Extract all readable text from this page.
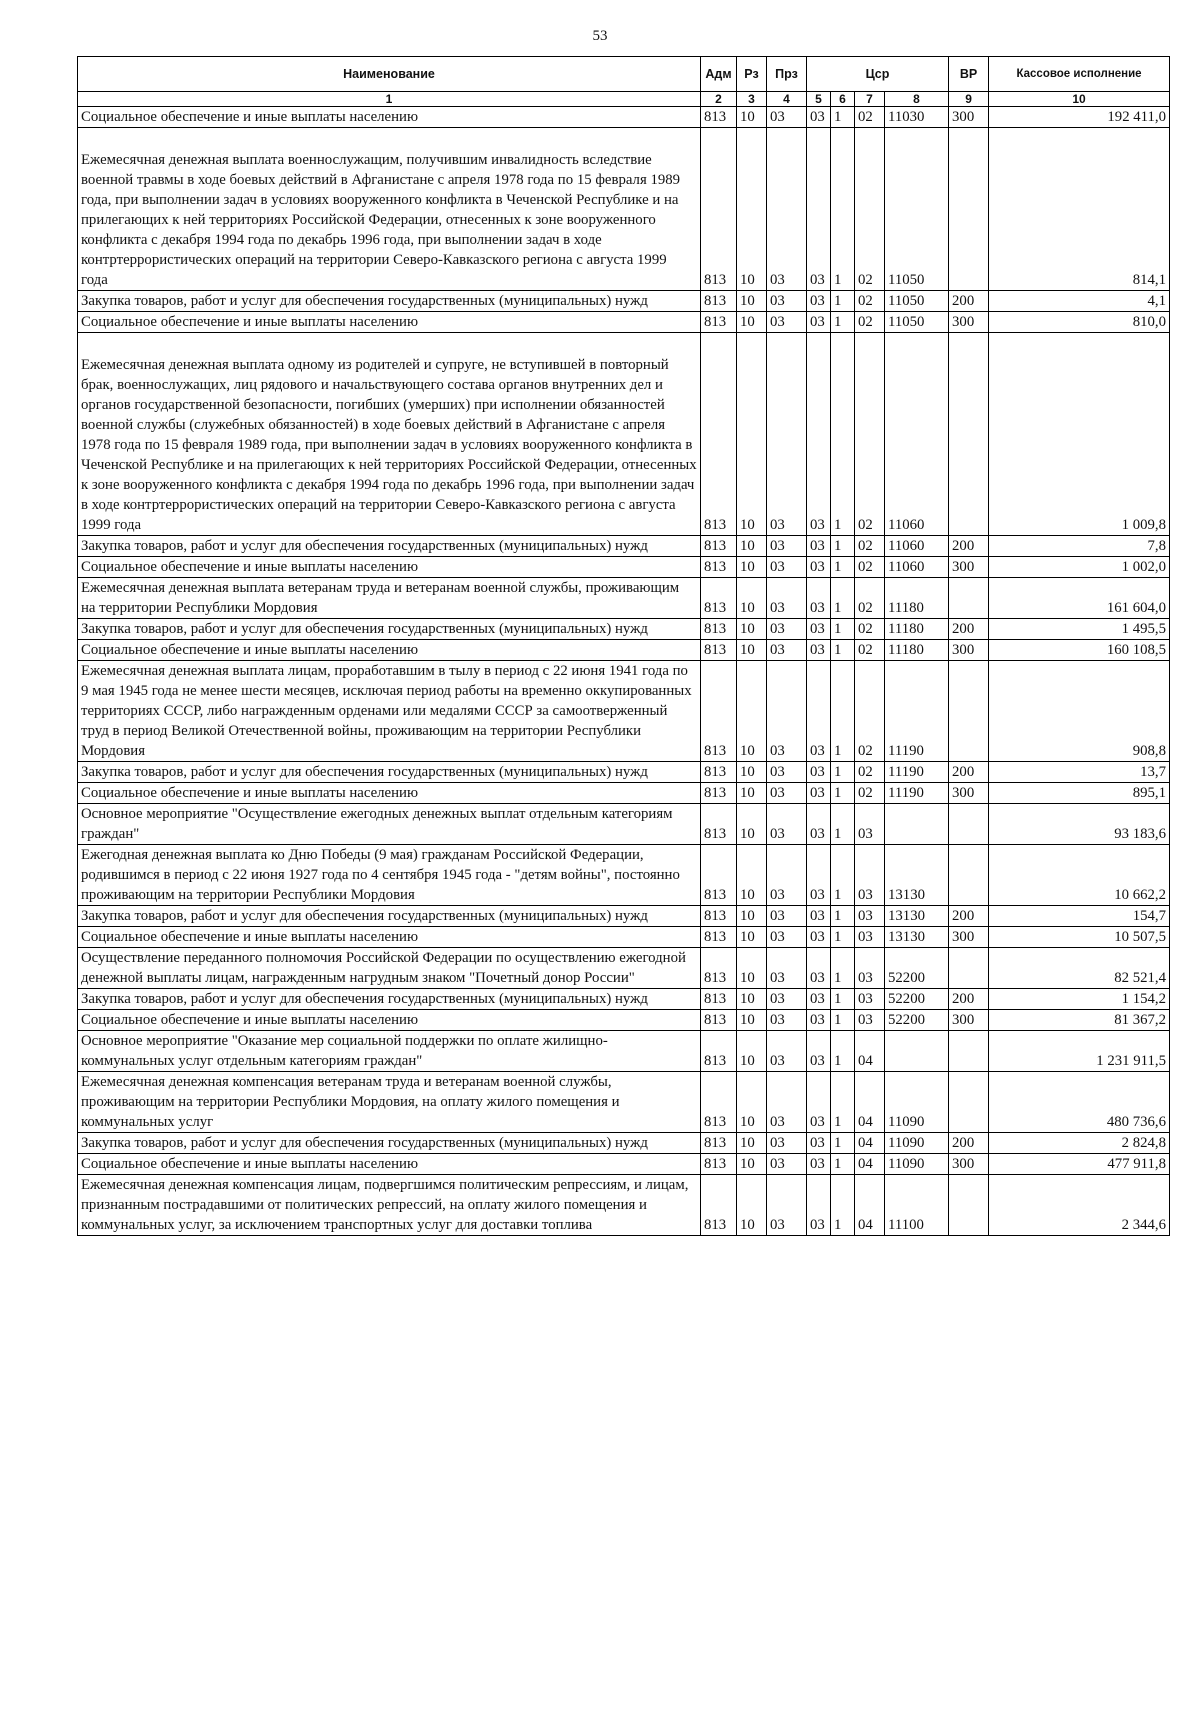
53
Наименование	Адм	Рз	Прз	Цср				ВР	Кассовое исполнение
1	2	3	4	5	6	7	8	9	10
Социальное обеспечение и иные выплаты населению	813	10	03	03	1	02	11030	300	192 411,0
Ежемесячная денежная выплата военнослужащим, получившим инвалидность вследствие военной травмы в ходе боевых действий в Афганистане с апреля 1978 года по 15 февраля 1989 года, при выполнении задач в условиях вооруженного конфликта в Чеченской Республике и на прилегающих к ней территориях Российской Федерации, отнесенных к зоне вооруженного конфликта с декабря 1994 года по декабрь 1996 года, при выполнении задач в ходе контртеррористических операций на территории Северо-Кавказского региона с августа 1999 года	813	10	03	03	1	02	11050		814,1
Закупка товаров, работ и услуг для обеспечения государственных (муниципальных) нужд	813	10	03	03	1	02	11050	200	4,1
Социальное обеспечение и иные выплаты населению	813	10	03	03	1	02	11050	300	810,0
Ежемесячная денежная выплата одному из родителей и супруге, не вступившей в повторный брак, военнослужащих, лиц рядового и начальствующего состава органов внутренних дел и органов государственной безопасности, погибших (умерших) при исполнении обязанностей военной службы (служебных обязанностей) в ходе боевых действий в Афганистане с апреля 1978 года по 15 февраля 1989 года, при выполнении задач в условиях вооруженного конфликта в Чеченской Республике и на прилегающих к ней территориях Российской Федерации, отнесенных к зоне вооруженного конфликта с декабря 1994 года по декабрь 1996 года, при выполнении задач в ходе контртеррористических операций на территории Северо-Кавказского региона с августа 1999 года	813	10	03	03	1	02	11060		1 009,8
Закупка товаров, работ и услуг для обеспечения государственных (муниципальных) нужд	813	10	03	03	1	02	11060	200	7,8
Социальное обеспечение и иные выплаты населению	813	10	03	03	1	02	11060	300	1 002,0
Ежемесячная денежная выплата ветеранам труда и ветеранам военной службы, проживающим на территории Республики Мордовия	813	10	03	03	1	02	11180		161 604,0
Закупка товаров, работ и услуг для обеспечения государственных (муниципальных) нужд	813	10	03	03	1	02	11180	200	1 495,5
Социальное обеспечение и иные выплаты населению	813	10	03	03	1	02	11180	300	160 108,5
Ежемесячная денежная выплата лицам, проработавшим в тылу в период с 22 июня 1941 года по 9 мая 1945 года не менее шести месяцев, исключая период работы на временно оккупированных территориях СССР, либо награжденным орденами или медалями СССР за самоотверженный труд в период Великой Отечественной войны, проживающим на территории Республики Мордовия	813	10	03	03	1	02	11190		908,8
Закупка товаров, работ и услуг для обеспечения государственных (муниципальных) нужд	813	10	03	03	1	02	11190	200	13,7
Социальное обеспечение и иные выплаты населению	813	10	03	03	1	02	11190	300	895,1
Основное мероприятие "Осуществление ежегодных денежных выплат отдельным категориям граждан"	813	10	03	03	1	03			93 183,6
Ежегодная денежная выплата ко Дню Победы (9 мая) гражданам Российской Федерации, родившимся в период с 22 июня 1927 года по 4 сентября 1945 года - "детям войны", постоянно проживающим на территории Республики Мордовия	813	10	03	03	1	03	13130		10 662,2
Закупка товаров, работ и услуг для обеспечения государственных (муниципальных) нужд	813	10	03	03	1	03	13130	200	154,7
Социальное обеспечение и иные выплаты населению	813	10	03	03	1	03	13130	300	10 507,5
Осуществление переданного полномочия Российской Федерации по осуществлению ежегодной денежной выплаты лицам, награжденным нагрудным знаком "Почетный донор России"	813	10	03	03	1	03	52200		82 521,4
Закупка товаров, работ и услуг для обеспечения государственных (муниципальных) нужд	813	10	03	03	1	03	52200	200	1 154,2
Социальное обеспечение и иные выплаты населению	813	10	03	03	1	03	52200	300	81 367,2
Основное мероприятие "Оказание мер социальной поддержки по оплате жилищно-коммунальных услуг отдельным категориям граждан"	813	10	03	03	1	04			1 231 911,5
Ежемесячная денежная компенсация ветеранам труда и ветеранам военной службы, проживающим на территории Республики Мордовия, на оплату жилого помещения и коммунальных услуг	813	10	03	03	1	04	11090		480 736,6
Закупка товаров, работ и услуг для обеспечения государственных (муниципальных) нужд	813	10	03	03	1	04	11090	200	2 824,8
Социальное обеспечение и иные выплаты населению	813	10	03	03	1	04	11090	300	477 911,8
Ежемесячная денежная компенсация лицам, подвергшимся политическим репрессиям, и лицам, признанным пострадавшими от политических репрессий, на оплату жилого помещения и коммунальных услуг, за исключением транспортных услуг для доставки топлива	813	10	03	03	1	04	11100		2 344,6
